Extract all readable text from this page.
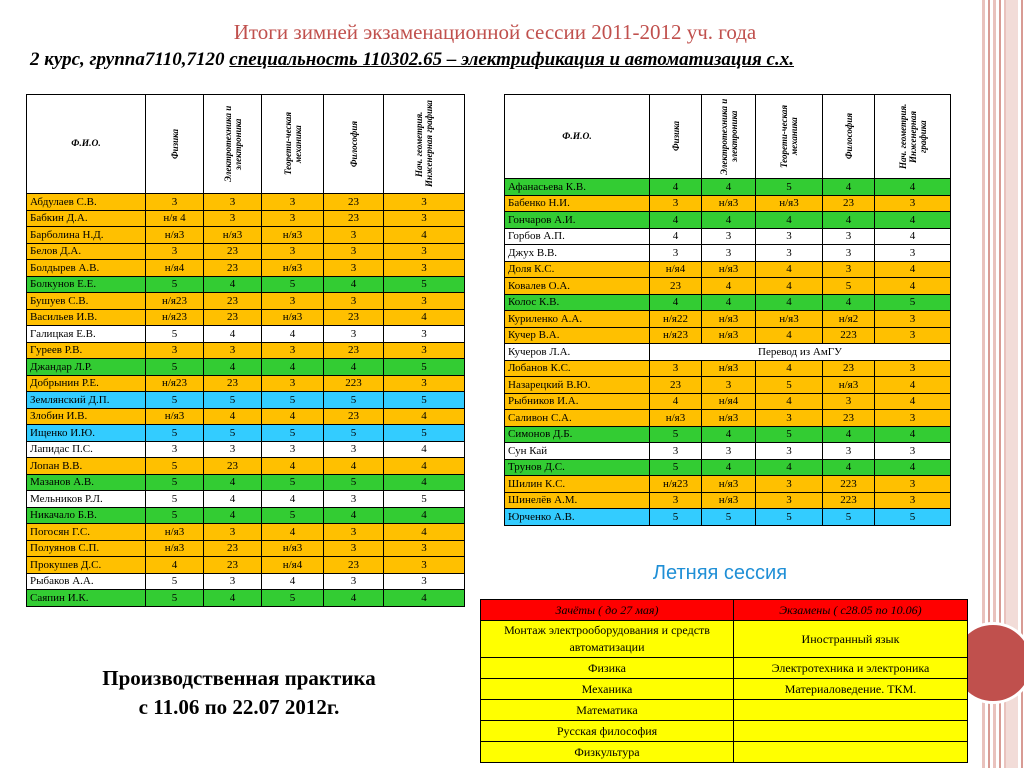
Итоги зимней экзаменационной сессии 2011-2012 уч. года
2 курс, группа7110,7120 специальность 110302.65 – электрификация и автоматизация с.х.
Ф.И.О.	Физика	Электротехника и электроника	Теорети-ческая механика	Философия	Нач. геометрия. Инженерная графика

Абдулаев С.В.	3	3	3	23	3
Бабкин Д.А.	н/я 4	3	3	23	3
Барболина Н.Д.	н/я3	н/я3	н/я3	3	4
Белов Д.А.	3	23	3	3	3
Болдырев А.В.	н/я4	23	н/я3	3	3
Болкунов Е.Е.	5	4	5	4	5
Бушуев С.В.	н/я23	23	3	3	3
Васильев И.В.	н/я23	23	н/я3	23	4
Галицкая Е.В.	5	4	4	3	3
Гуреев Р.В.	3	3	3	23	3
Джандар Л.Р.	5	4	4	4	5
Добрынин Р.Е.	н/я23	23	3	223	3
Землянский Д.П.	5	5	5	5	5
Злобин И.В.	н/я3	4	4	23	4
Ищенко И.Ю.	5	5	5	5	5
Лапидас П.С.	3	3	3	3	4
Лопан В.В.	5	23	4	4	4
Мазанов А.В.	5	4	5	5	4
Мельников Р.Л.	5	4	4	3	5
Никачало Б.В.	5	4	5	4	4
Погосян Г.С.	н/я3	3	4	3	4
Полуянов С.П.	н/я3	23	н/я3	3	3
Прокушев Д.С.	4	23	н/я4	23	3
Рыбаков А.А.	5	3	4	3	3
Саяпин И.К.	5	4	5	4	4
Ф.И.О.	Физика	Электротехника и электроника	Теорети-ческая механика	Философия	Нач. геометрия. Инженерная графика

Афанасьева К.В.	4	4	5	4	4
Бабенко Н.И.	3	н/я3	н/я3	23	3
Гончаров А.И.	4	4	4	4	4
Горбов А.П.	4	3	3	3	4
Джух В.В.	3	3	3	3	3
Доля К.С.	н/я4	н/я3	4	3	4
Ковалев О.А.	23	4	4	5	4
Колос К.В.	4	4	4	4	5
Куриленко А.А.	н/я22	н/я3	н/я3	н/я2	3
Кучер В.А.	н/я23	н/я3	4	223	3
Кучеров Л.А.	Перевод из АмГУ				
Лобанов К.С.	3	н/я3	4	23	3
Назарецкий В.Ю.	23	3	5	н/я3	4
Рыбников И.А.	4	н/я4	4	3	4
Саливон С.А.	н/я3	н/я3	3	23	3
Симонов Д.Б.	5	4	5	4	4
Сун Кай	3	3	3	3	3
Трунов Д.С.	5	4	4	4	4
Шилин К.С.	н/я23	н/я3	3	223	3
Шинелёв А.М.	3	н/я3	3	223	3
Юрченко А.В.	5	5	5	5	5
Летняя сессия
Зачёты ( до 27 мая)	Экзамены ( с28.05 по 10.06)
Монтаж электрооборудования и средств автоматизации	Иностранный язык
Физика	Электротехника и электроника
Механика	Материаловедение. ТКМ.
Математика	
Русская философия	
Физкультура	
Производственная практика
с 11.06 по 22.07 2012г.
